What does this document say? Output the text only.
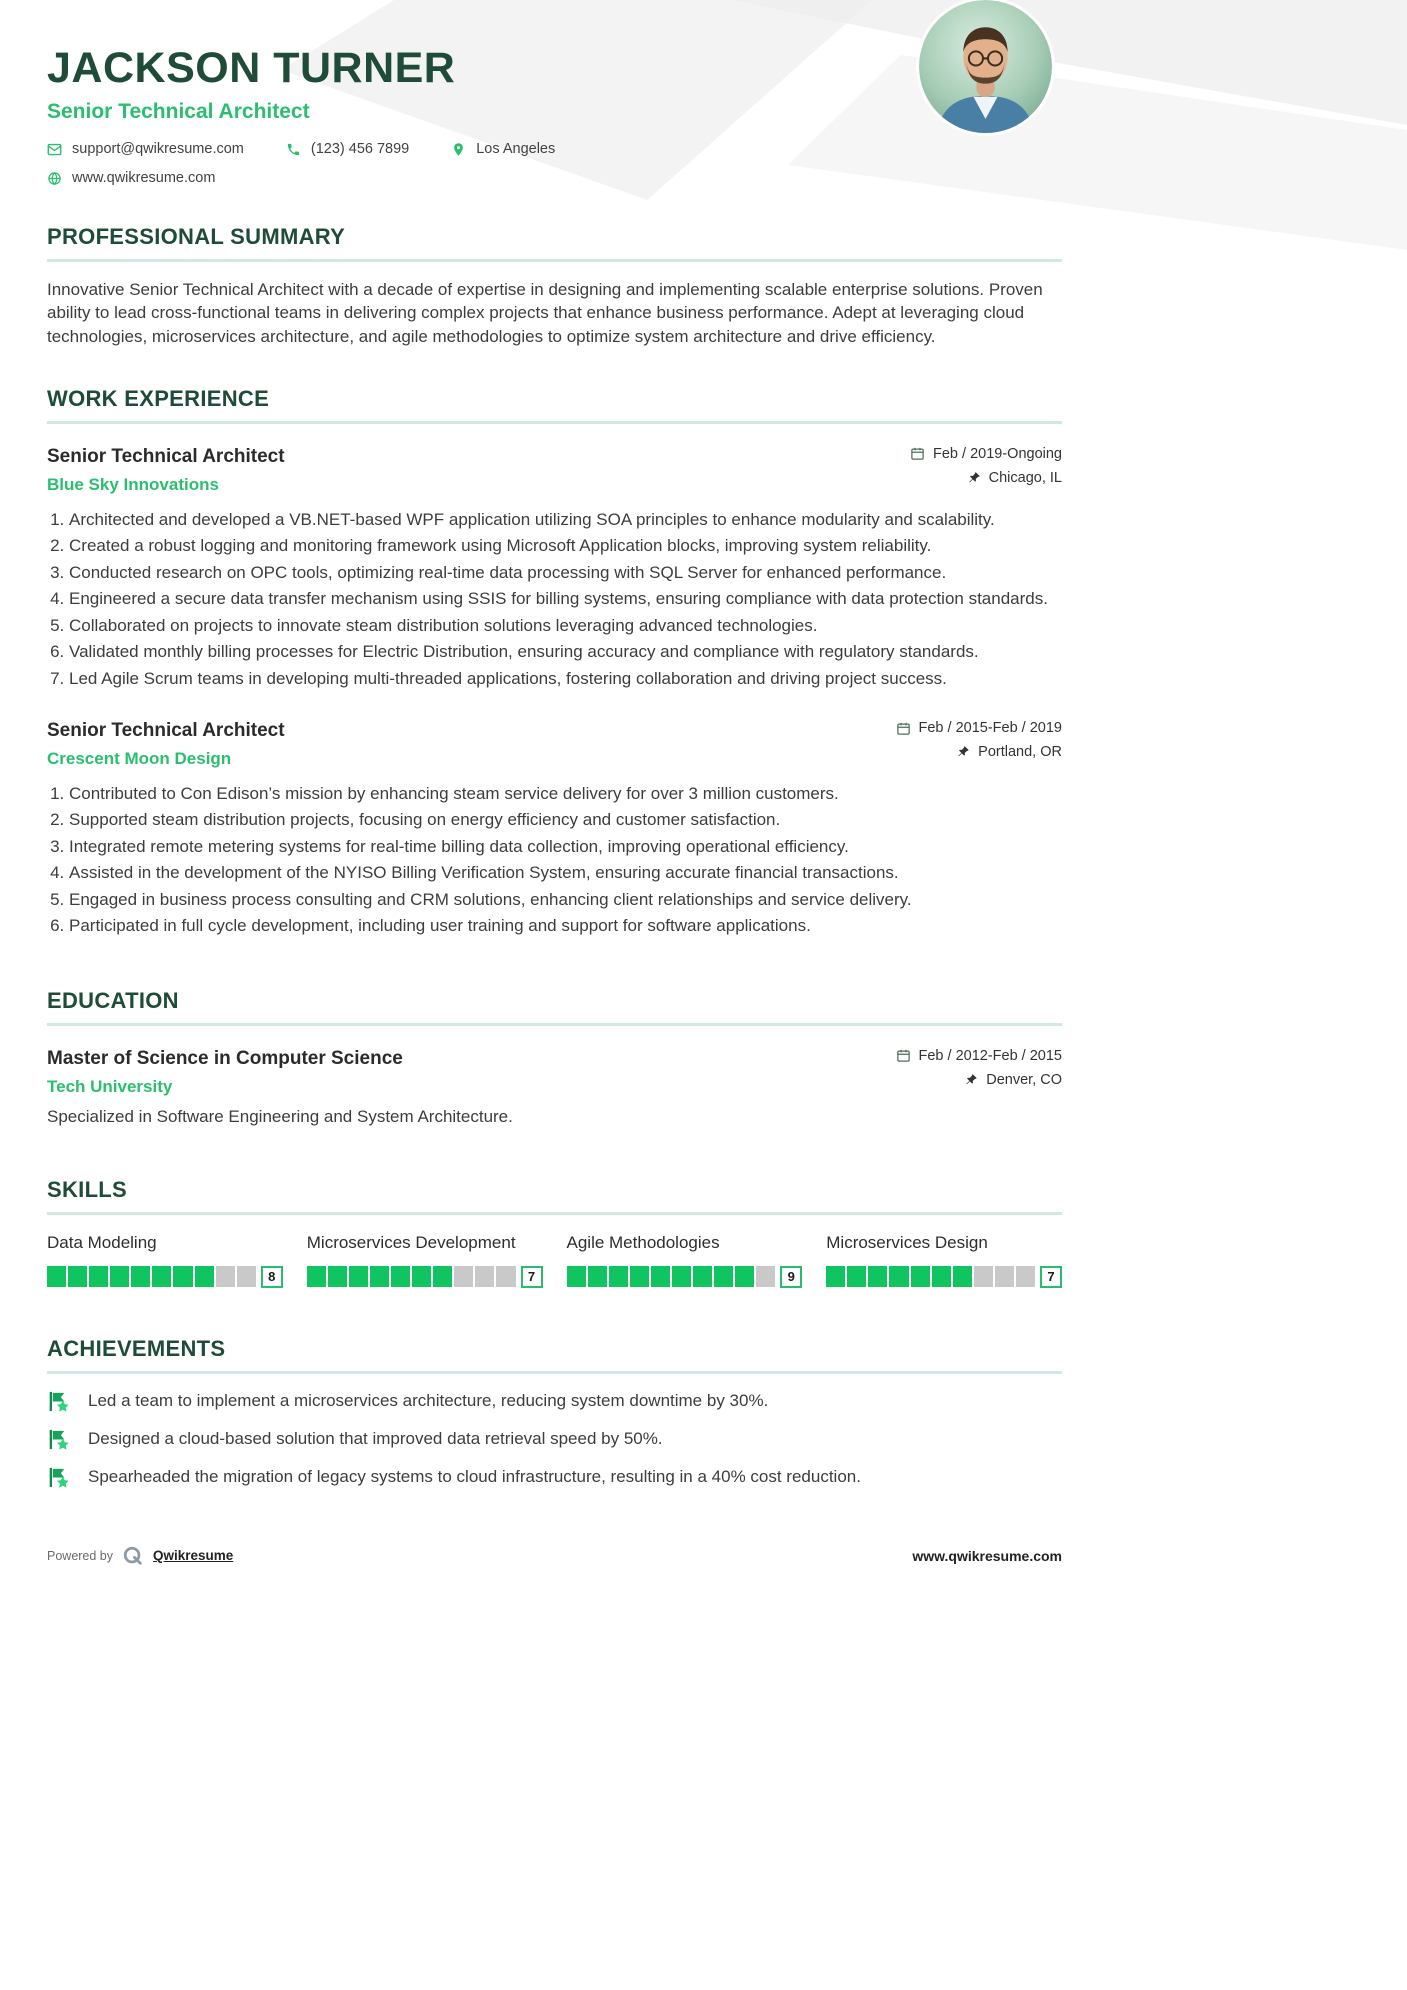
JACKSON TURNER
Senior Technical Architect
support@qwikresume.com	(123) 456 7899	Los Angeles
www.qwikresume.com
PROFESSIONAL SUMMARY

Innovative Senior Technical Architect with a decade of expertise in designing and implementing scalable enterprise solutions. Proven ability to lead cross-functional teams in delivering complex projects that enhance business performance. Adept at leveraging cloud technologies, microservices architecture, and agile methodologies to optimize system architecture and drive efficiency.

WORK EXPERIENCE
Senior Technical Architect
Blue Sky Innovations
Feb / 2019-Ongoing
Chicago, IL
1. Architected and developed a VB.NET-based WPF application utilizing SOA principles to enhance modularity and scalability.
2. Created a robust logging and monitoring framework using Microsoft Application blocks, improving system reliability.
3. Conducted research on OPC tools, optimizing real-time data processing with SQL Server for enhanced performance.
4. Engineered a secure data transfer mechanism using SSIS for billing systems, ensuring compliance with data protection standards.
5. Collaborated on projects to innovate steam distribution solutions leveraging advanced technologies.
6. Validated monthly billing processes for Electric Distribution, ensuring accuracy and compliance with regulatory standards.
7. Led Agile Scrum teams in developing multi-threaded applications, fostering collaboration and driving project success.
Senior Technical Architect
Crescent Moon Design
Feb / 2015-Feb / 2019
Portland, OR
1. Contributed to Con Edison’s mission by enhancing steam service delivery for over 3 million customers.
2. Supported steam distribution projects, focusing on energy efficiency and customer satisfaction.
3. Integrated remote metering systems for real-time billing data collection, improving operational efficiency.
4. Assisted in the development of the NYISO Billing Verification System, ensuring accurate financial transactions.
5. Engaged in business process consulting and CRM solutions, enhancing client relationships and service delivery.
6. Participated in full cycle development, including user training and support for software applications.
EDUCATION
Master of Science in Computer Science
Tech University
Feb / 2012-Feb / 2015
Denver, CO

Specialized in Software Engineering and System Architecture.

SKILLS
Data Modeling
8
Microservices Development
7
Agile Methodologies
9
Microservices Design
7
ACHIEVEMENTS
Led a team to implement a microservices architecture, reducing system downtime by 30%.
Designed a cloud-based solution that improved data retrieval speed by 50%.
Spearheaded the migration of legacy systems to cloud infrastructure, resulting in a 40% cost reduction.
Powered by	Qwikresume	www.qwikresume.com
